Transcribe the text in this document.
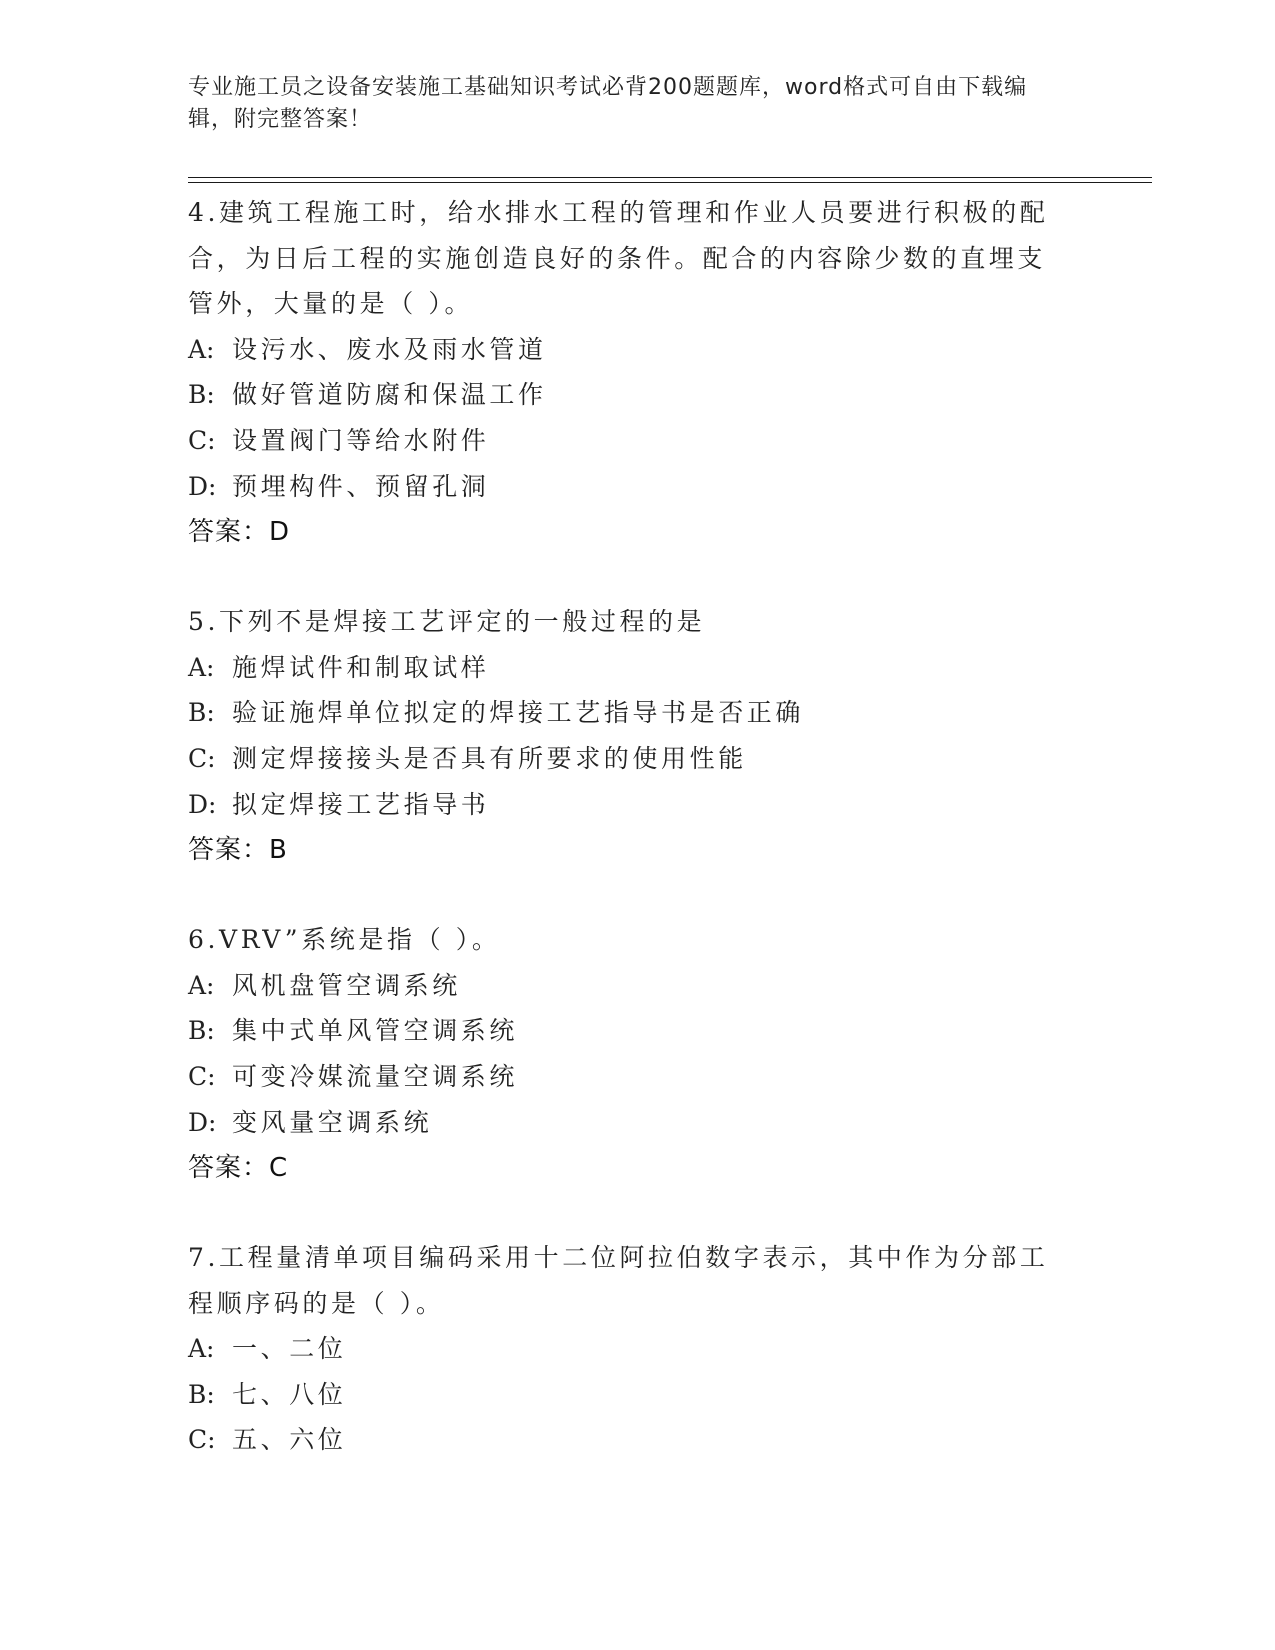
专业施工员之设备安装施工基础知识考试必背200题题库，word格式可自由下载编辑，附完整答案！
4.建筑工程施工时，给水排水工程的管理和作业人员要进行积极的配
合，为日后工程的实施创造良好的条件。配合的内容除少数的直埋支
管外，大量的是（ ）。
A: 设污水、废水及雨水管道
B: 做好管道防腐和保温工作
C: 设置阀门等给水附件
D: 预埋构件、预留孔洞
答案：D
5.下列不是焊接工艺评定的一般过程的是
A: 施焊试件和制取试样
B: 验证施焊单位拟定的焊接工艺指导书是否正确
C: 测定焊接接头是否具有所要求的使用性能
D: 拟定焊接工艺指导书
答案：B
6.VRV”系统是指（ ）。
A: 风机盘管空调系统
B: 集中式单风管空调系统
C: 可变冷媒流量空调系统
D: 变风量空调系统
答案：C
7.工程量清单项目编码采用十二位阿拉伯数字表示，其中作为分部工
程顺序码的是（ ）。
A: 一、二位
B: 七、八位
C: 五、六位
